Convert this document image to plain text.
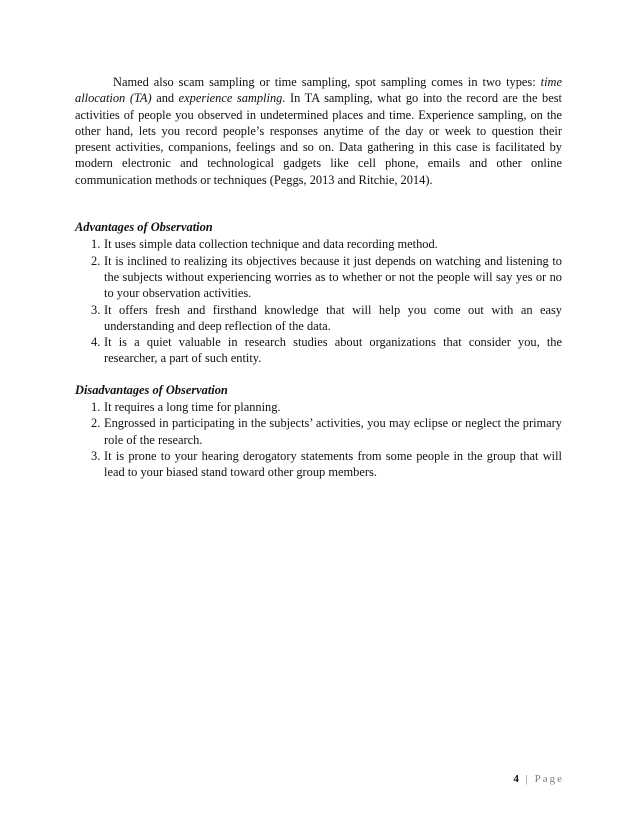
Named also scam sampling or time sampling, spot sampling comes in two types: time allocation (TA) and experience sampling. In TA sampling, what go into the record are the best activities of people you observed in undetermined places and time. Experience sampling, on the other hand, lets you record people’s responses anytime of the day or week to question their present activities, companions, feelings and so on. Data gathering in this case is facilitated by modern electronic and technological gadgets like cell phone, emails and other online communication methods or techniques (Peggs, 2013 and Ritchie, 2014).

Advantages of Observation

1. It uses simple data collection technique and data recording method.
2. It is inclined to realizing its objectives because it just depends on watching and listening to the subjects without experiencing worries as to whether or not the people will say yes or no to your observation activities.
3. It offers fresh and firsthand knowledge that will help you come out with an easy understanding and deep reflection of the data.
4. It is a quiet valuable in research studies about organizations that consider you, the researcher, a part of such entity.

Disadvantages of Observation

1. It requires a long time for planning.
2. Engrossed in participating in the subjects’ activities, you may eclipse or neglect the primary role of the research.
3. It is prone to your hearing derogatory statements from some people in the group that will lead to your biased stand toward other group members.
4 | Page
